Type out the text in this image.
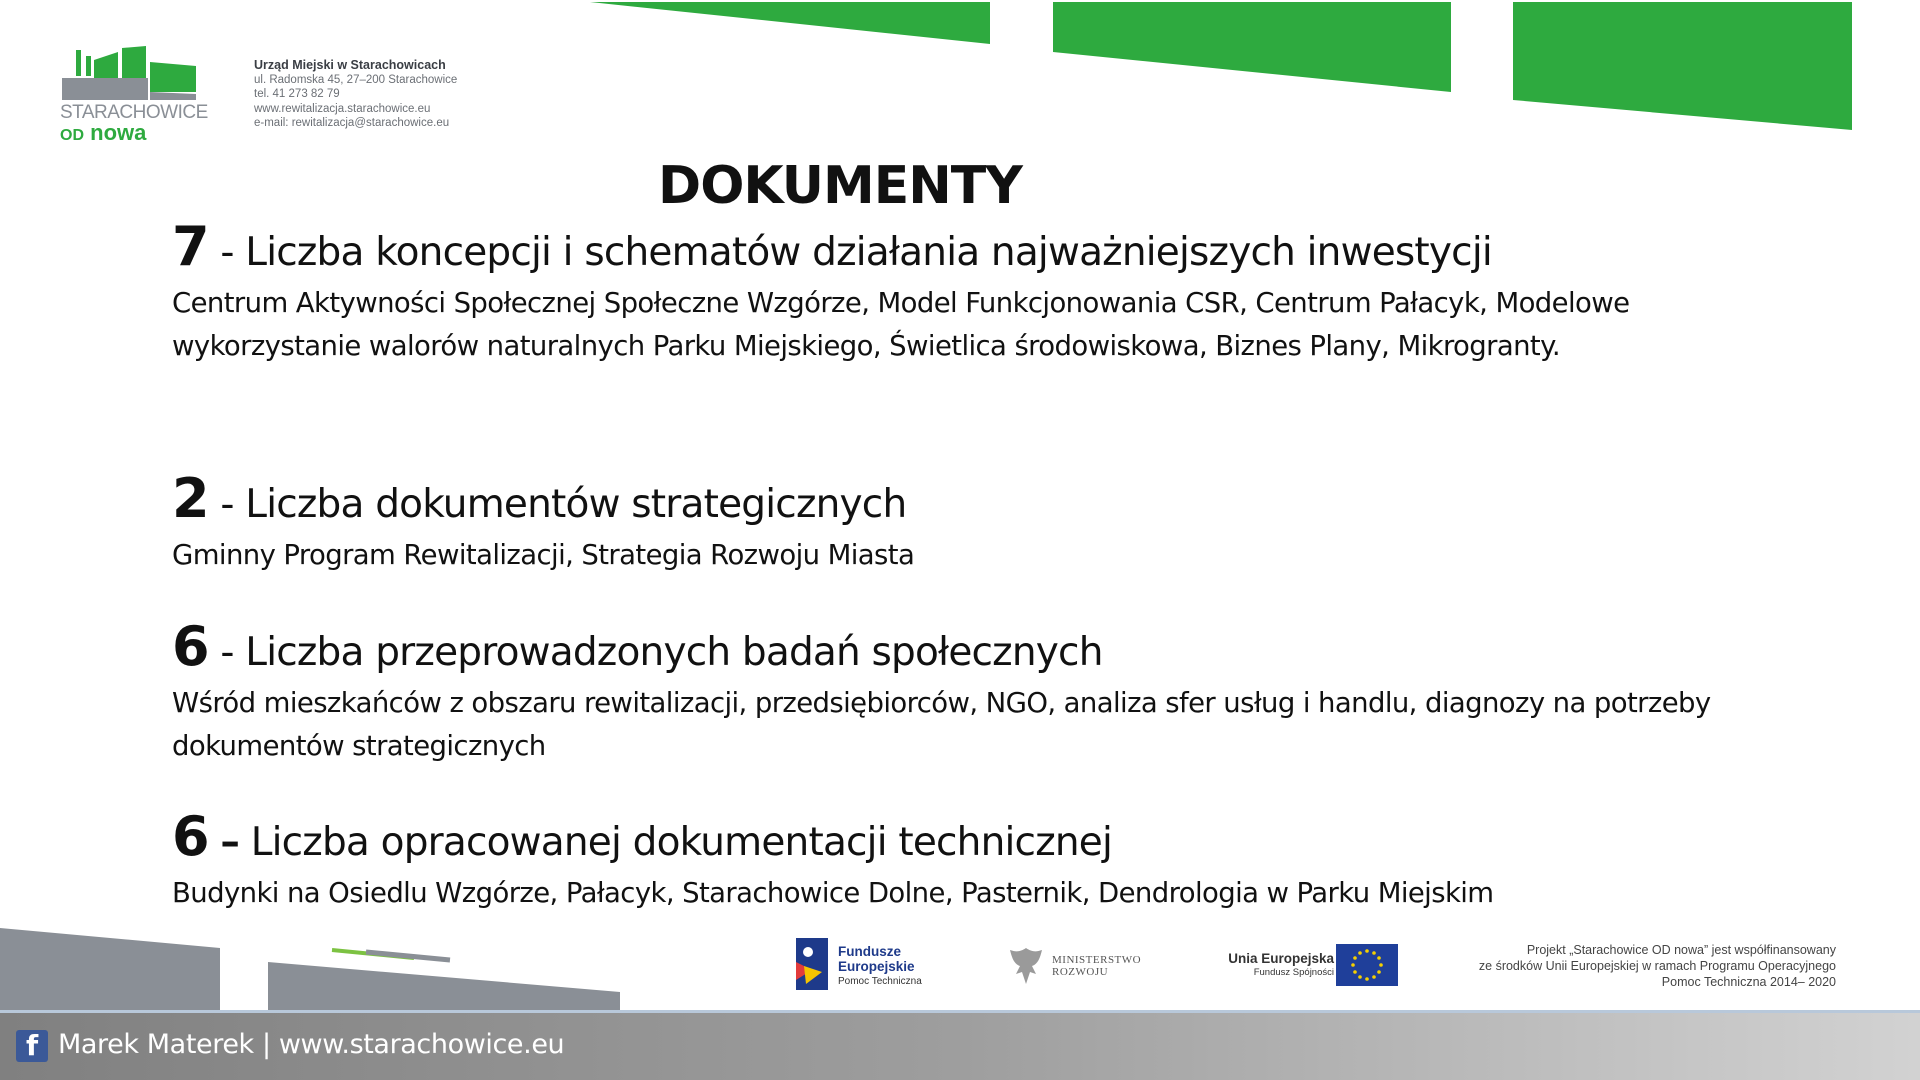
STARACHOWICE
OD nowa
Urząd Miejski w Starachowicach
ul. Radomska 45, 27–200 Starachowice
tel. 41 273 82 79
www.rewitalizacja.starachowice.eu
e-mail: rewitalizacja@starachowice.eu
DOKUMENTY
7 - Liczba koncepcji i schematów działania najważniejszych inwestycji
Centrum Aktywności Społecznej Społeczne Wzgórze, Model Funkcjonowania CSR, Centrum Pałacyk, Modelowe wykorzystanie walorów naturalnych Parku Miejskiego, Świetlica środowiskowa, Biznes Plany, Mikrogranty.
2 - Liczba dokumentów strategicznych
Gminny Program Rewitalizacji, Strategia Rozwoju Miasta
6 - Liczba przeprowadzonych badań społecznych
Wśród mieszkańców z obszaru rewitalizacji, przedsiębiorców, NGO, analiza sfer usług i handlu, diagnozy na potrzeby dokumentów strategicznych
6 – Liczba opracowanej dokumentacji technicznej
Budynki na Osiedlu Wzgórze, Pałacyk, Starachowice Dolne, Pasternik, Dendrologia w Parku Miejskim
Fundusze
Europejskie
Pomoc Techniczna
MINISTERSTWO
ROZWOJU
Unia Europejska
Fundusz Spójności
Projekt „Starachowice OD nowa” jest współfinansowany
ze środków Unii Europejskiej w ramach Programu Operacyjnego
Pomoc Techniczna 2014– 2020
f Marek Materek | www.starachowice.eu
